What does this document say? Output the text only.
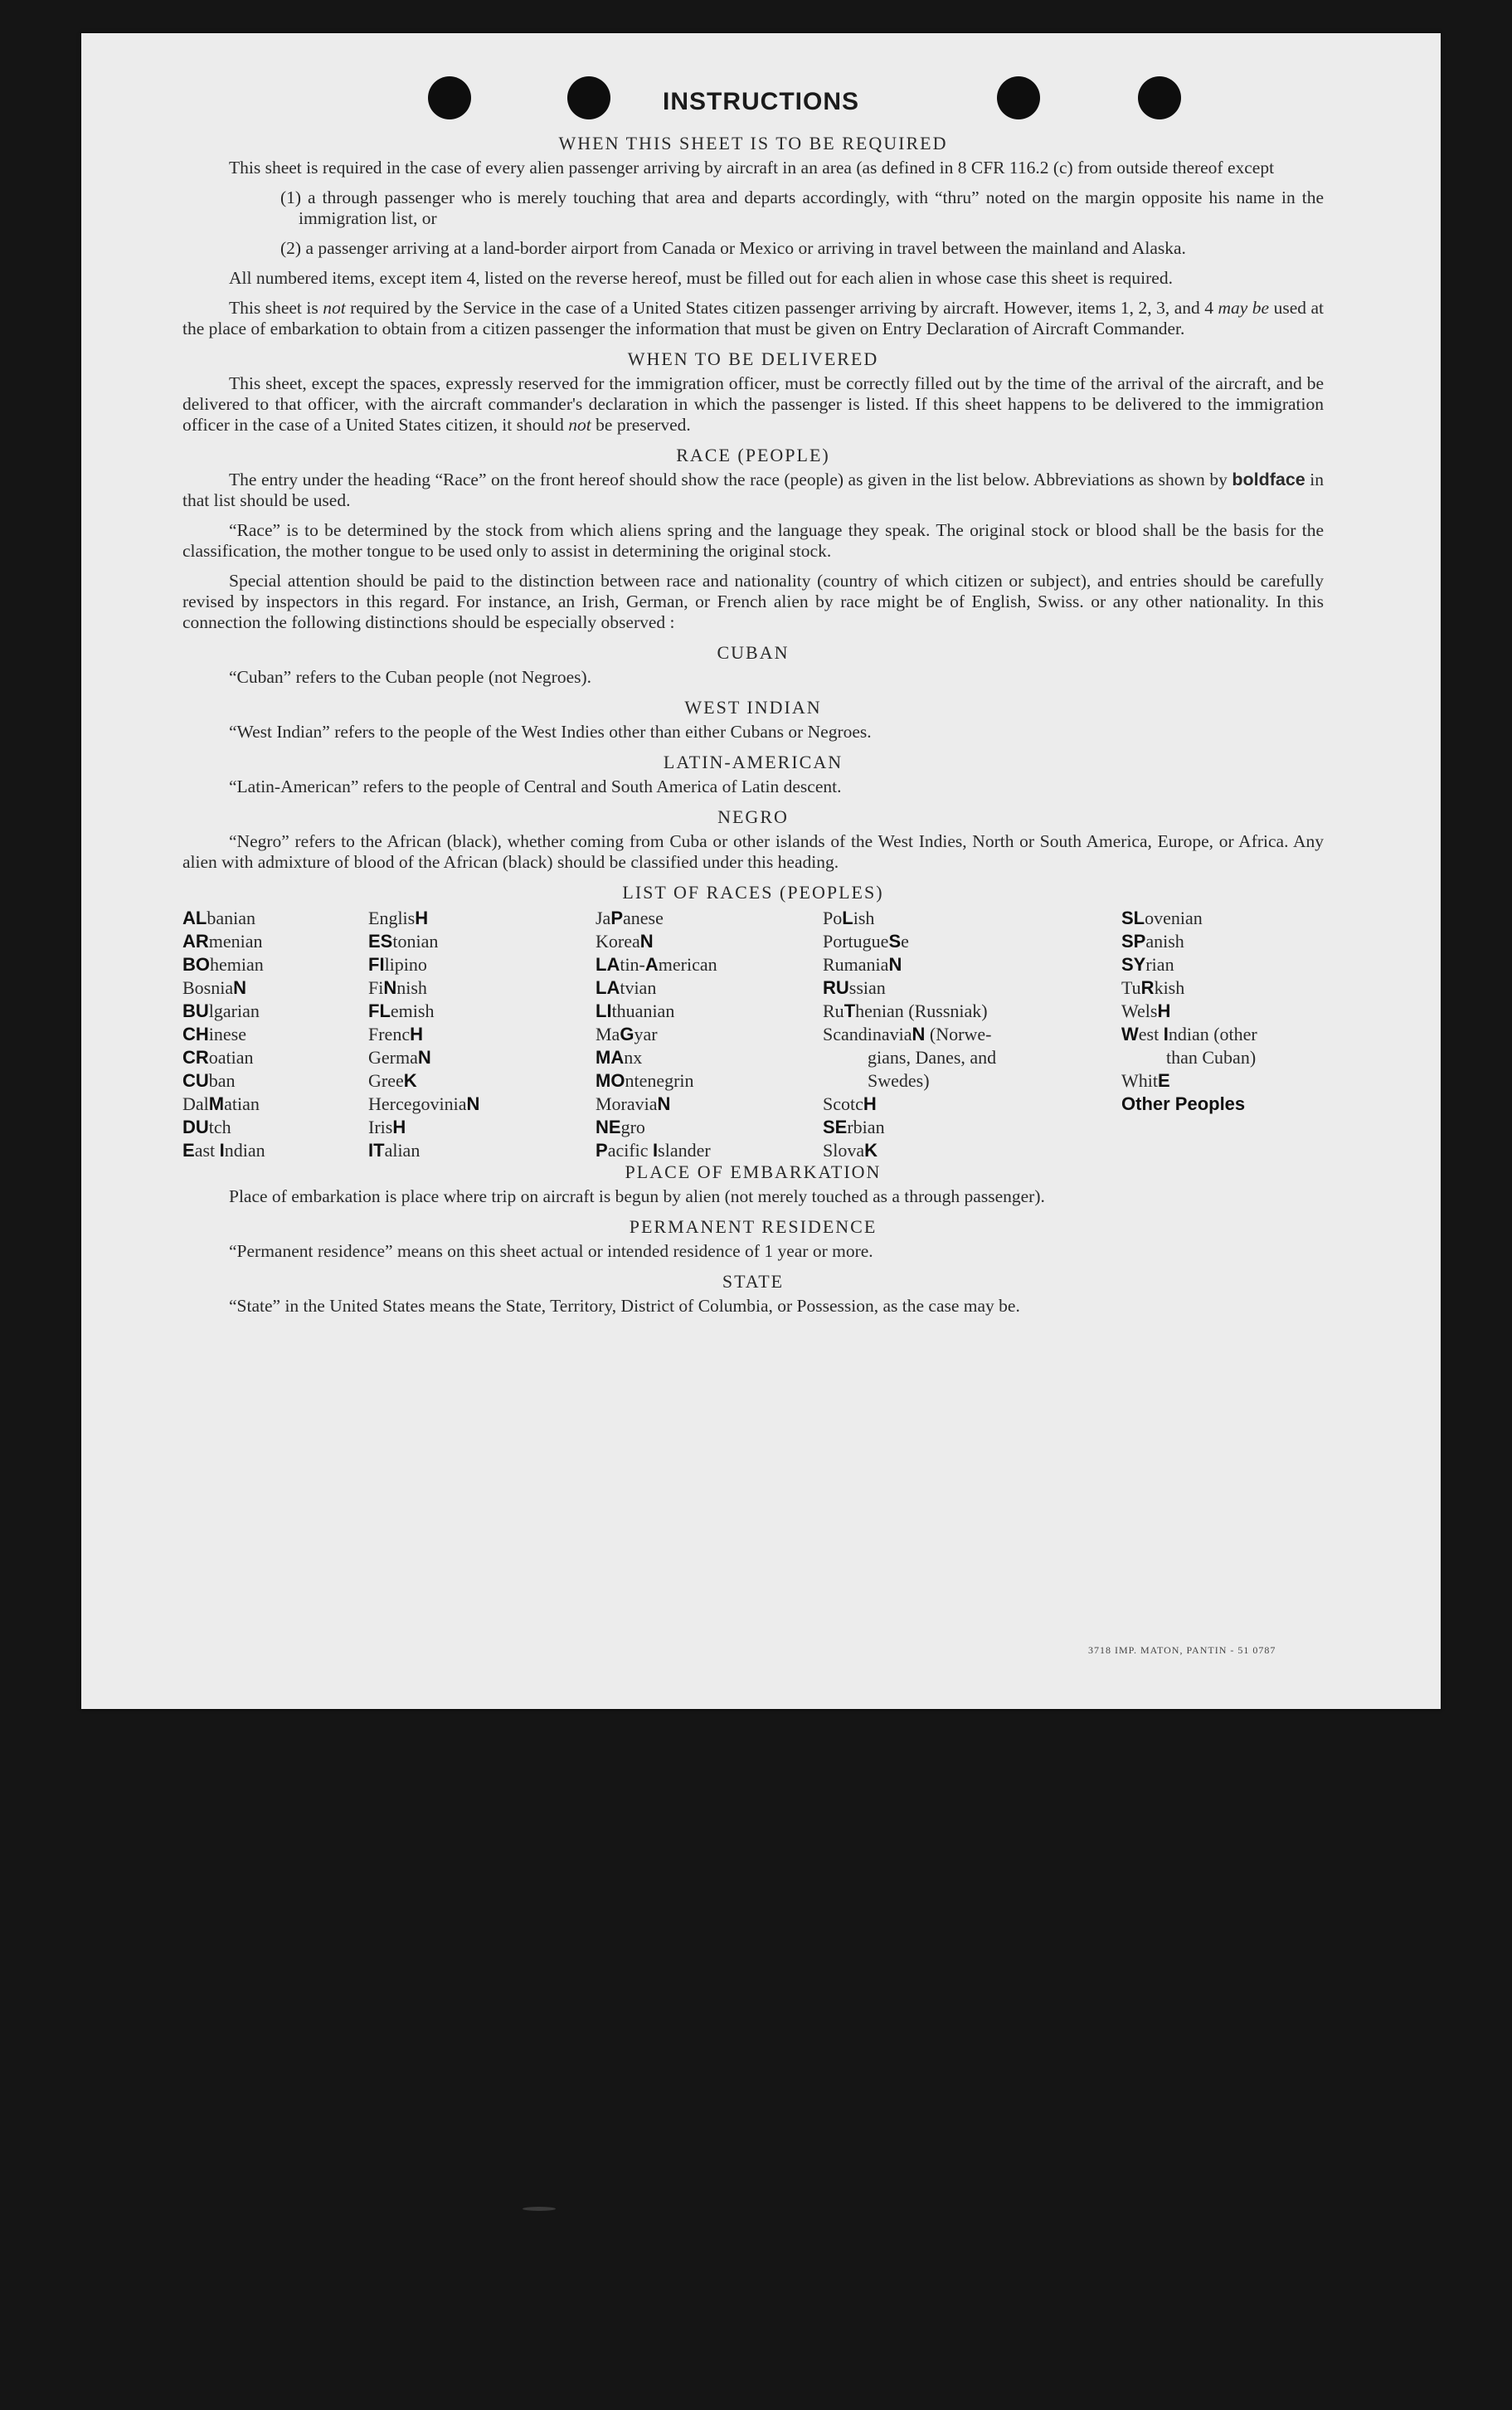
INSTRUCTIONS
WHEN THIS SHEET IS TO BE REQUIRED

This sheet is required in the case of every alien passenger arriving by aircraft in an area (as defined in 8 CFR 116.2 (c) from outside thereof except

(1) a through passenger who is merely touching that area and departs accordingly, with “thru” noted on the margin opposite his name in the immigration list, or
(2) a passenger arriving at a land-border airport from Canada or Mexico or arriving in travel between the mainland and Alaska.

All numbered items, except item 4, listed on the reverse hereof, must be filled out for each alien in whose case this sheet is required.

This sheet is not required by the Service in the case of a United States citizen passenger arriving by aircraft. However, items 1, 2, 3, and 4 may be used at the place of embarkation to obtain from a citizen passenger the information that must be given on Entry Declaration of Aircraft Commander.

WHEN TO BE DELIVERED

This sheet, except the spaces, expressly reserved for the immigration officer, must be correctly filled out by the time of the arrival of the aircraft, and be delivered to that officer, with the aircraft commander's declaration in which the passenger is listed. If this sheet happens to be delivered to the immigration officer in the case of a United States citizen, it should not be preserved.

RACE (PEOPLE)

The entry under the heading “Race” on the front hereof should show the race (people) as given in the list below. Abbreviations as shown by boldface in that list should be used.

“Race” is to be determined by the stock from which aliens spring and the language they speak. The original stock or blood shall be the basis for the classification, the mother tongue to be used only to assist in determining the original stock.

Special attention should be paid to the distinction between race and nationality (country of which citizen or subject), and entries should be carefully revised by inspectors in this regard. For instance, an Irish, German, or French alien by race might be of English, Swiss. or any other nationality. In this connection the following distinctions should be especially observed :

CUBAN

“Cuban” refers to the Cuban people (not Negroes).

WEST INDIAN

“West Indian” refers to the people of the West Indies other than either Cubans or Negroes.

LATIN-AMERICAN

“Latin-American” refers to the people of Central and South America of Latin descent.

NEGRO

“Negro” refers to the African (black), whether coming from Cuba or other islands of the West Indies, North or South America, Europe, or Africa. Any alien with admixture of blood of the African (black) should be classified under this heading.

LIST OF RACES (PEOPLES)
ALbanian
ARmenian
BOhemian
BosniaN
BUlgarian
CHinese
CRoatian
CUban
DalMatian
DUtch
East Indian
EnglisH
EStonian
FIlipino
FiNnish
FLemish
FrencH
GermaN
GreeK
HercegoviniaN
IrisH
ITalian
JaPanese
KoreaN
LAtin-American
LAtvian
LIthuanian
MaGyar
MAnx
MOntenegrin
MoraviaN
NEgro
Pacific Islander
PoLish
PortugueSe
RumaniaN
RUssian
RuThenian (Russniak)
ScandinaviaN (Norwe-
gians, Danes, and
Swedes)
ScotcH
SErbian
SlovaK
SLovenian
SPanish
SYrian
TuRkish
WelsH
West Indian (other
than Cuban)
WhitE
Other Peoples
PLACE OF EMBARKATION

Place of embarkation is place where trip on aircraft is begun by alien (not merely touched as a through passenger).

PERMANENT RESIDENCE

“Permanent residence” means on this sheet actual or intended residence of 1 year or more.

STATE

“State” in the United States means the State, Territory, District of Columbia, or Possession, as the case may be.

3718 IMP. MATON, PANTIN - 51 0787
